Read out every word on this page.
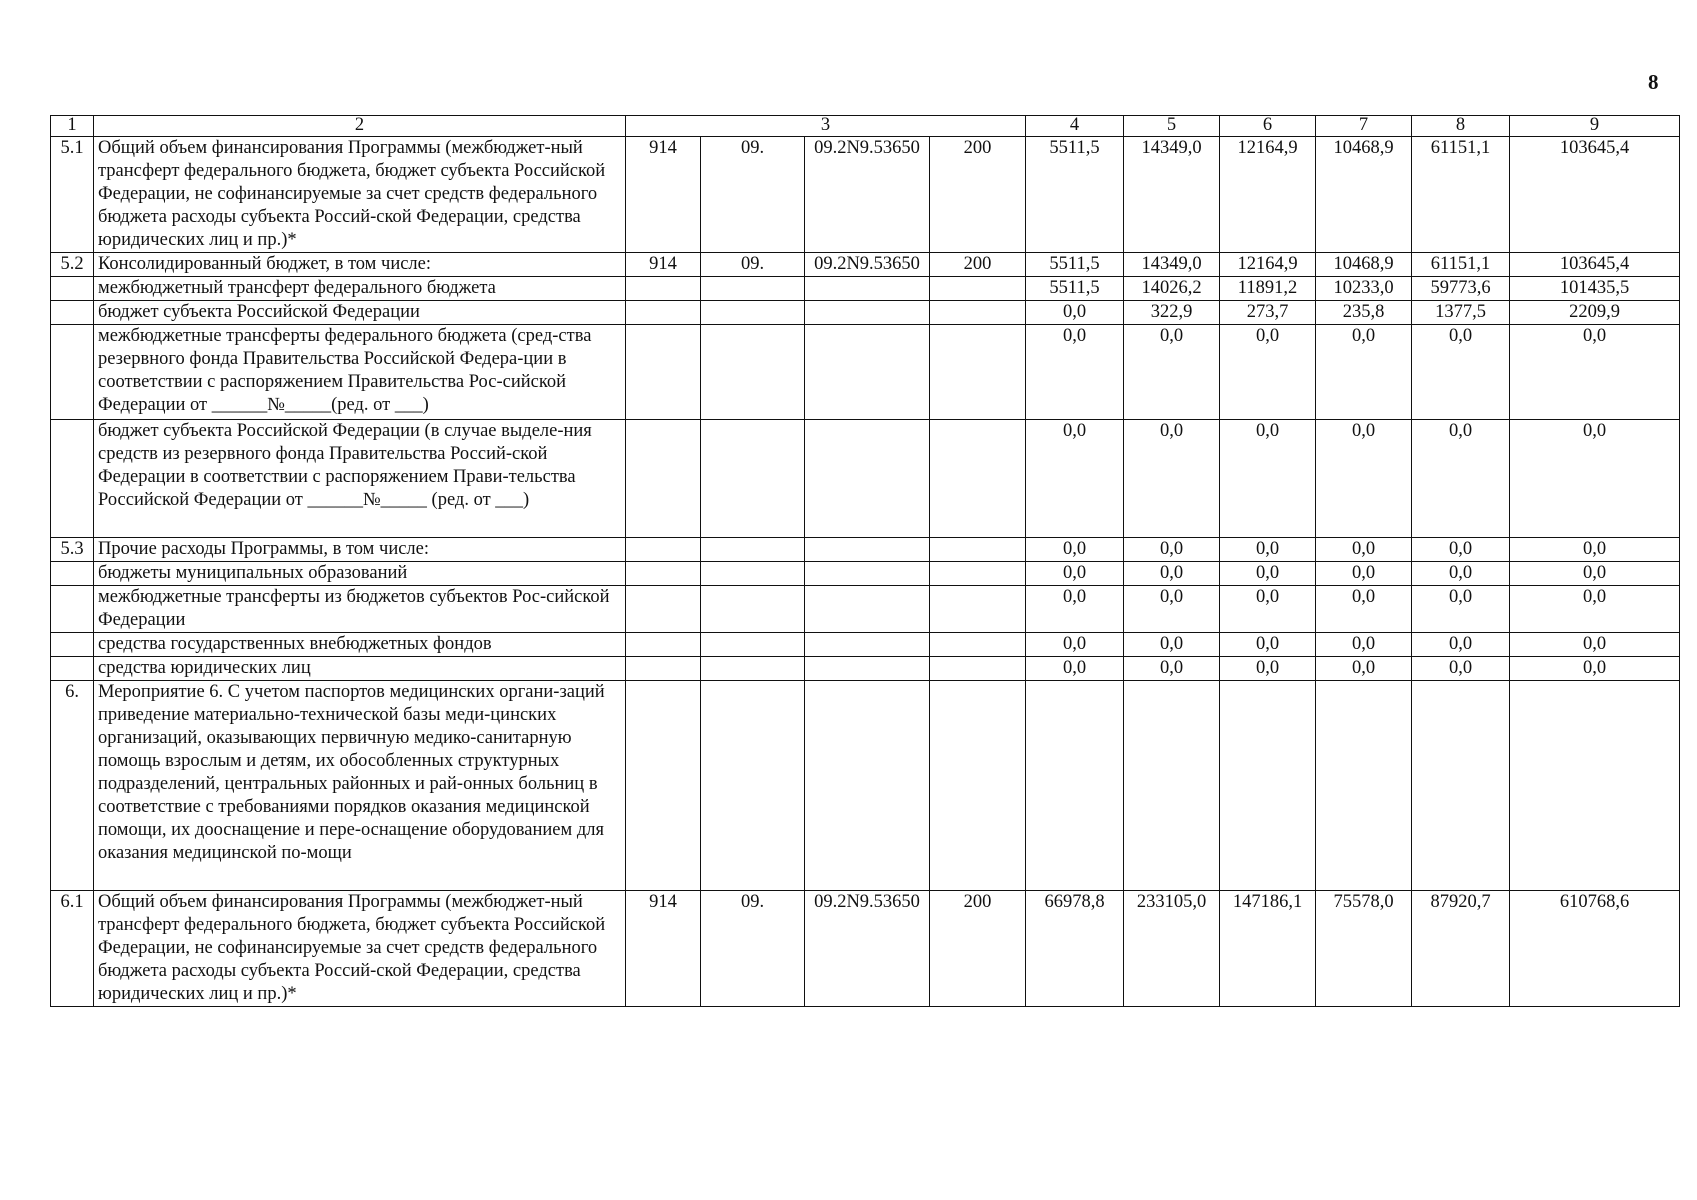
8
1	2	3				4	5	6	7	8	9
5.1	Общий объем финансирования Программы (межбюджет-ный трансферт федерального бюджета, бюджет субъекта Российской Федерации, не софинансируемые за счет средств федерального бюджета расходы субъекта Россий-ской Федерации, средства юридических лиц и пр.)*	914	09.	09.2N9.53650	200	5511,5	14349,0	12164,9	10468,9	61151,1	103645,4
5.2	Консолидированный бюджет, в том числе:	914	09.	09.2N9.53650	200	5511,5	14349,0	12164,9	10468,9	61151,1	103645,4
	межбюджетный трансферт федерального бюджета					5511,5	14026,2	11891,2	10233,0	59773,6	101435,5
	бюджет субъекта Российской Федерации					0,0	322,9	273,7	235,8	1377,5	2209,9
	межбюджетные трансферты федерального бюджета (сред-ства резервного фонда Правительства Российской Федера-ции в соответствии с распоряжением Правительства Рос-сийской Федерации от ______№_____(ред. от ___)					0,0	0,0	0,0	0,0	0,0	0,0
	бюджет субъекта Российской Федерации (в случае выделе-ния средств из резервного фонда Правительства Россий-ской Федерации в соответствии с распоряжением Прави-тельства Российской Федерации от ______№_____ (ред. от ___)					0,0	0,0	0,0	0,0	0,0	0,0
5.3	Прочие расходы Программы, в том числе:					0,0	0,0	0,0	0,0	0,0	0,0
	бюджеты муниципальных образований					0,0	0,0	0,0	0,0	0,0	0,0
	межбюджетные трансферты из бюджетов субъектов Рос-сийской Федерации					0,0	0,0	0,0	0,0	0,0	0,0
	средства государственных внебюджетных фондов					0,0	0,0	0,0	0,0	0,0	0,0
	средства юридических лиц					0,0	0,0	0,0	0,0	0,0	0,0
6.	Мероприятие 6. С учетом паспортов медицинских органи-заций приведение материально-технической базы меди-цинских организаций, оказывающих первичную медико-санитарную помощь взрослым и детям, их обособленных структурных подразделений, центральных районных и рай-онных больниц в соответствие с требованиями порядков оказания медицинской помощи, их дооснащение и пере-оснащение оборудованием для оказания медицинской по-мощи										
6.1	Общий объем финансирования Программы (межбюджет-ный трансферт федерального бюджета, бюджет субъекта Российской Федерации, не софинансируемые за счет средств федерального бюджета расходы субъекта Россий-ской Федерации, средства юридических лиц и пр.)*	914	09.	09.2N9.53650	200	66978,8	233105,0	147186,1	75578,0	87920,7	610768,6
